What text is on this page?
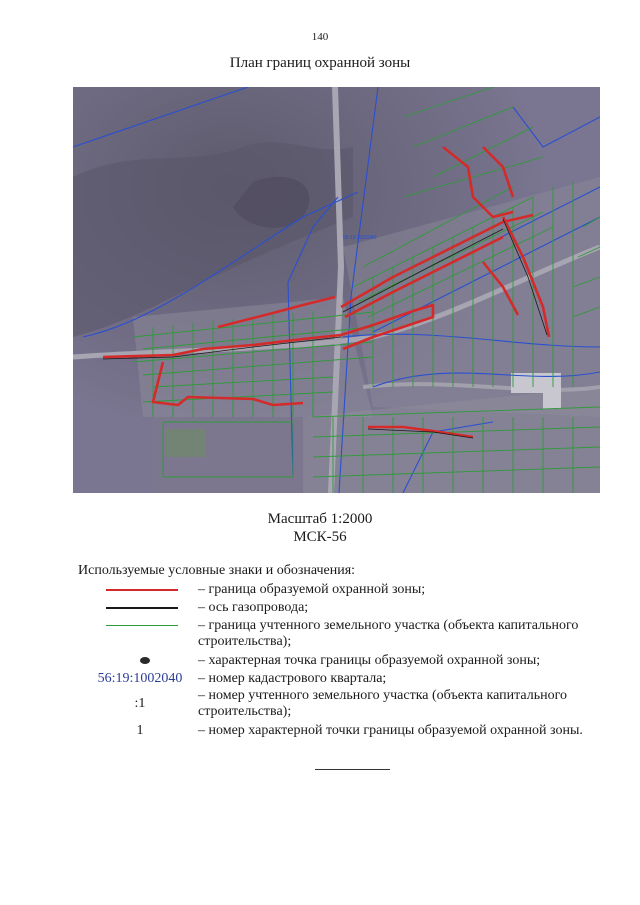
140
План границ охранной зоны
56:19:1002040
Масштаб 1:2000
МСК-56
Используемые условные знаки и обозначения:
– граница образуемой охранной зоны;
– ось газопровода;
– граница учтенного земельного участка (объекта капитального строительства);
– характерная точка границы образуемой охранной зоны;
56:19:1002040	– номер кадастрового квартала;
:1
– номер учтенного земельного участка (объекта капитального строительства);
1	– номер характерной точки границы образуемой охранной зоны.
